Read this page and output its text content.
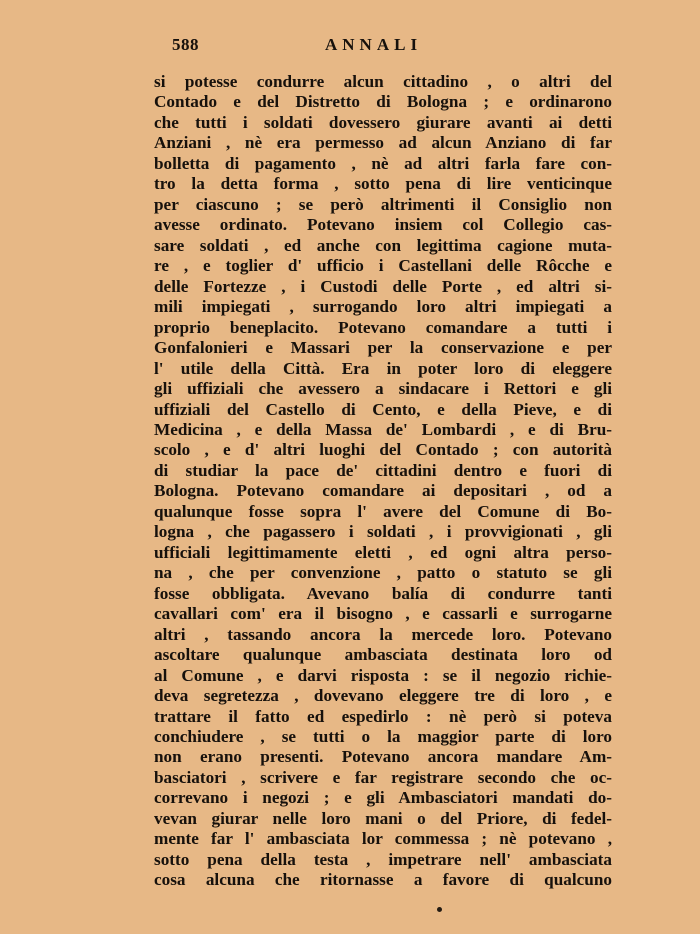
588	ANNALI
si potesse condurre alcun cittadino , o altri del
Contado e del Distretto di Bologna ; e ordinarono
che tutti i soldati dovessero giurare avanti ai detti
Anziani , nè era permesso ad alcun Anziano di far
bolletta di pagamento , nè ad altri farla fare con-
tro la detta forma , sotto pena di lire venticinque
per ciascuno ; se però altrimenti il Consiglio non
avesse ordinato. Potevano insiem col Collegio cas-
sare soldati , ed anche con legittima cagione muta-
re , e toglier d' ufficio i Castellani delle Rôcche e
delle Fortezze , i Custodi delle Porte , ed altri si-
mili impiegati , surrogando loro altri impiegati a
proprio beneplacito. Potevano comandare a tutti i
Gonfalonieri e Massari per la conservazione e per
l' utile della Città. Era in poter loro di eleggere
gli uffiziali che avessero a sindacare i Rettori e gli
uffiziali del Castello di Cento, e della Pieve, e di
Medicina , e della Massa de' Lombardi , e di Bru-
scolo , e d' altri luoghi del Contado ; con autorità
di studiar la pace de' cittadini dentro e fuori di
Bologna. Potevano comandare ai depositari , od a
qualunque fosse sopra l' avere del Comune di Bo-
logna , che pagassero i soldati , i provvigionati , gli
ufficiali legittimamente eletti , ed ogni altra perso-
na , che per convenzione , patto o statuto se gli
fosse obbligata. Avevano balía di condurre tanti
cavallari com' era il bisogno , e cassarli e surrogarne
altri , tassando ancora la mercede loro. Potevano
ascoltare qualunque ambasciata destinata loro od
al Comune , e darvi risposta : se il negozio richie-
deva segretezza , dovevano eleggere tre di loro , e
trattare il fatto ed espedirlo : nè però si poteva
conchiudere , se tutti o la maggior parte di loro
non erano presenti. Potevano ancora mandare Am-
basciatori , scrivere e far registrare secondo che oc-
correvano i negozi ; e gli Ambasciatori mandati do-
vevan giurar nelle loro mani o del Priore, di fedel-
mente far l' ambasciata lor commessa ; nè potevano ,
sotto pena della testa , impetrare nell' ambasciata
cosa alcuna che ritornasse a favore di qualcuno
